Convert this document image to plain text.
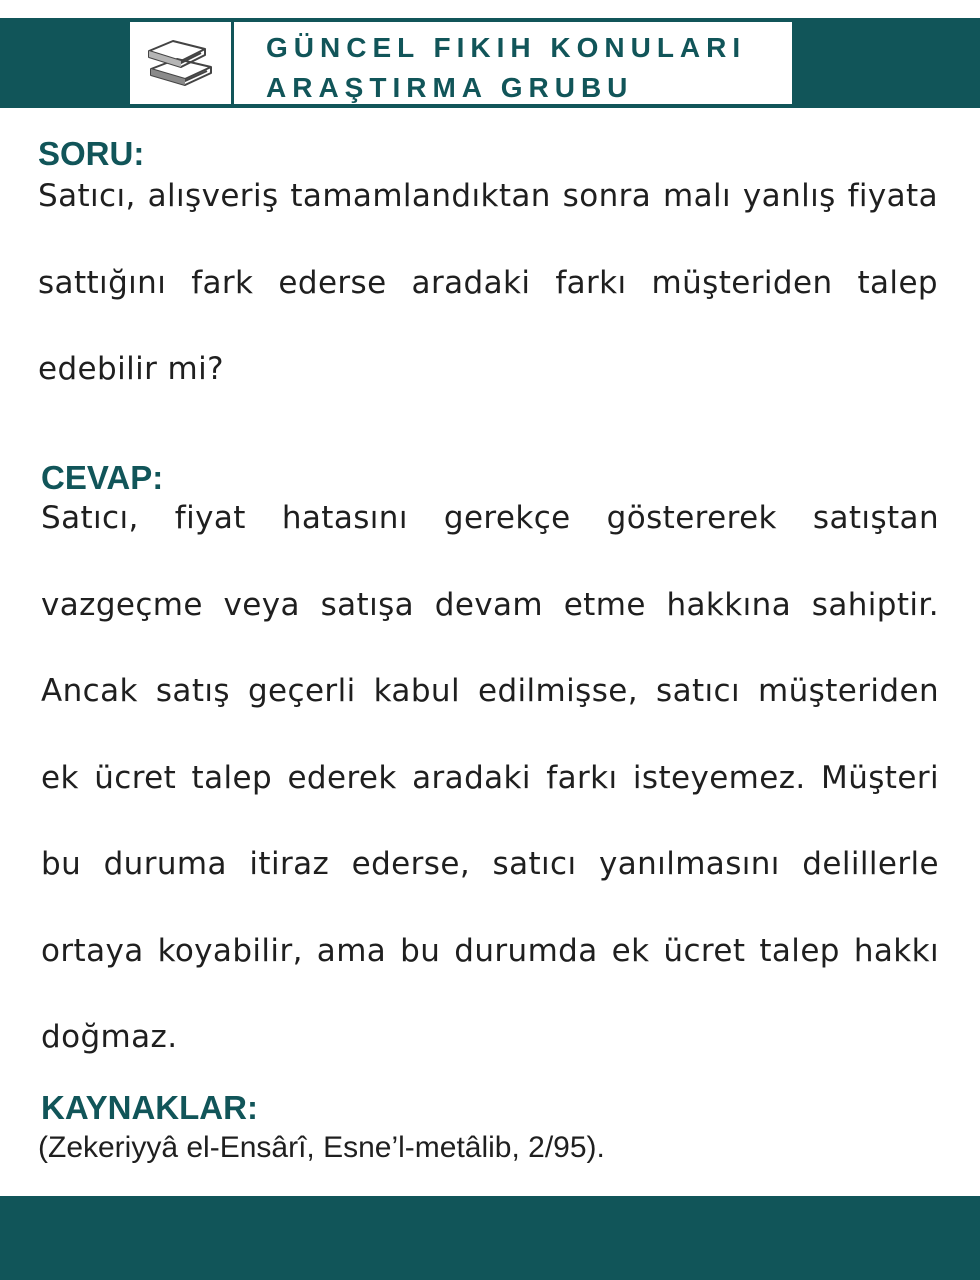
GÜNCEL FIKIH KONULARI
ARAŞTIRMA GRUBU
SORU:
Satıcı, alışveriş tamamlandıktan sonra malı yanlış fiyata sattığını fark ederse aradaki farkı müşteriden talep edebilir mi?
CEVAP:
Satıcı, fiyat hatasını gerekçe göstererek satıştan vazgeçme veya satışa devam etme hakkına sahiptir. Ancak satış geçerli kabul edilmişse, satıcı müşteriden ek ücret talep ederek aradaki farkı isteyemez. Müşteri bu duruma itiraz ederse, satıcı yanılmasını delillerle ortaya koyabilir, ama bu durumda ek ücret talep hakkı doğmaz.
KAYNAKLAR:
(Zekeriyyâ el-Ensârî, Esne’l-metâlib, 2/95).
